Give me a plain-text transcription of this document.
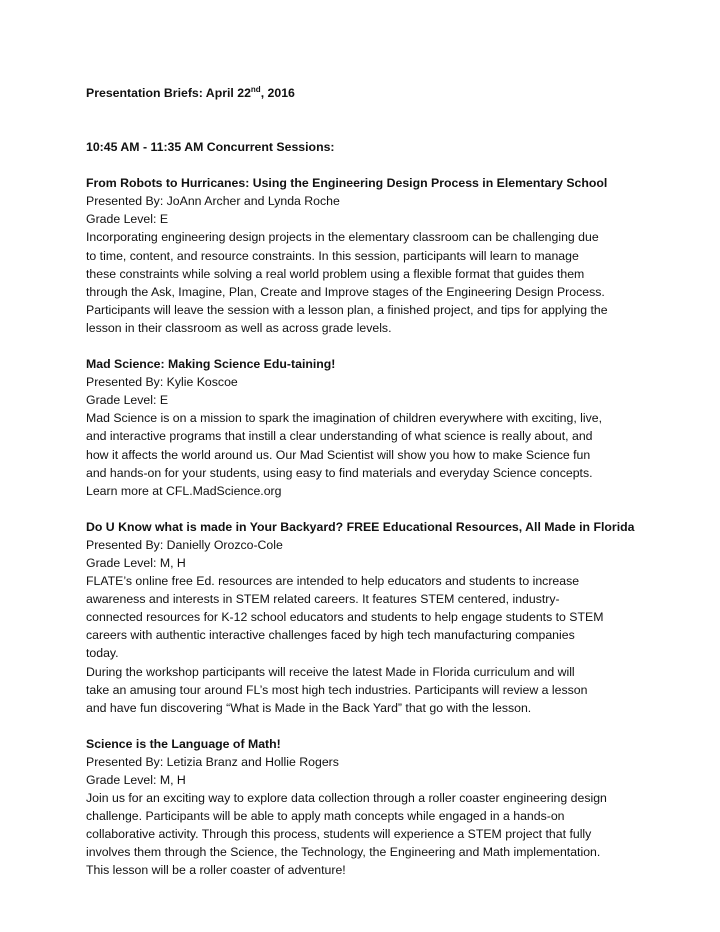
Presentation Briefs: April 22nd, 2016

10:45 AM - 11:35 AM Concurrent Sessions:

From Robots to Hurricanes: Using the Engineering Design Process in Elementary School

Presented By: JoAnn Archer and Lynda Roche

Grade Level: E

Incorporating engineering design projects in the elementary classroom can be challenging due
to time, content, and resource constraints. In this session, participants will learn to manage
these constraints while solving a real world problem using a flexible format that guides them
through the Ask, Imagine, Plan, Create and Improve stages of the Engineering Design Process.
Participants will leave the session with a lesson plan, a finished project, and tips for applying the
lesson in their classroom as well as across grade levels.

Mad Science: Making Science Edu-taining!

Presented By: Kylie Koscoe

Grade Level: E

Mad Science is on a mission to spark the imagination of children everywhere with exciting, live,
and interactive programs that instill a clear understanding of what science is really about, and
how it affects the world around us. Our Mad Scientist will show you how to make Science fun
and hands-on for your students, using easy to find materials and everyday Science concepts.
Learn more at CFL.MadScience.org

Do U Know what is made in Your Backyard? FREE Educational Resources, All Made in Florida

Presented By: Danielly Orozco-Cole

Grade Level: M, H

FLATE’s online free Ed. resources are intended to help educators and students to increase
awareness and interests in STEM related careers. It features STEM centered, industry-
connected resources for K-12 school educators and students to help engage students to STEM
careers with authentic interactive challenges faced by high tech manufacturing companies
today.
During the workshop participants will receive the latest Made in Florida curriculum and will
take an amusing tour around FL’s most high tech industries. Participants will review a lesson
and have fun discovering “What is Made in the Back Yard” that go with the lesson.

Science is the Language of Math!

Presented By: Letizia Branz and Hollie Rogers

Grade Level: M, H

Join us for an exciting way to explore data collection through a roller coaster engineering design
challenge. Participants will be able to apply math concepts while engaged in a hands-on
collaborative activity. Through this process, students will experience a STEM project that fully
involves them through the Science, the Technology, the Engineering and Math implementation.
This lesson will be a roller coaster of adventure!
